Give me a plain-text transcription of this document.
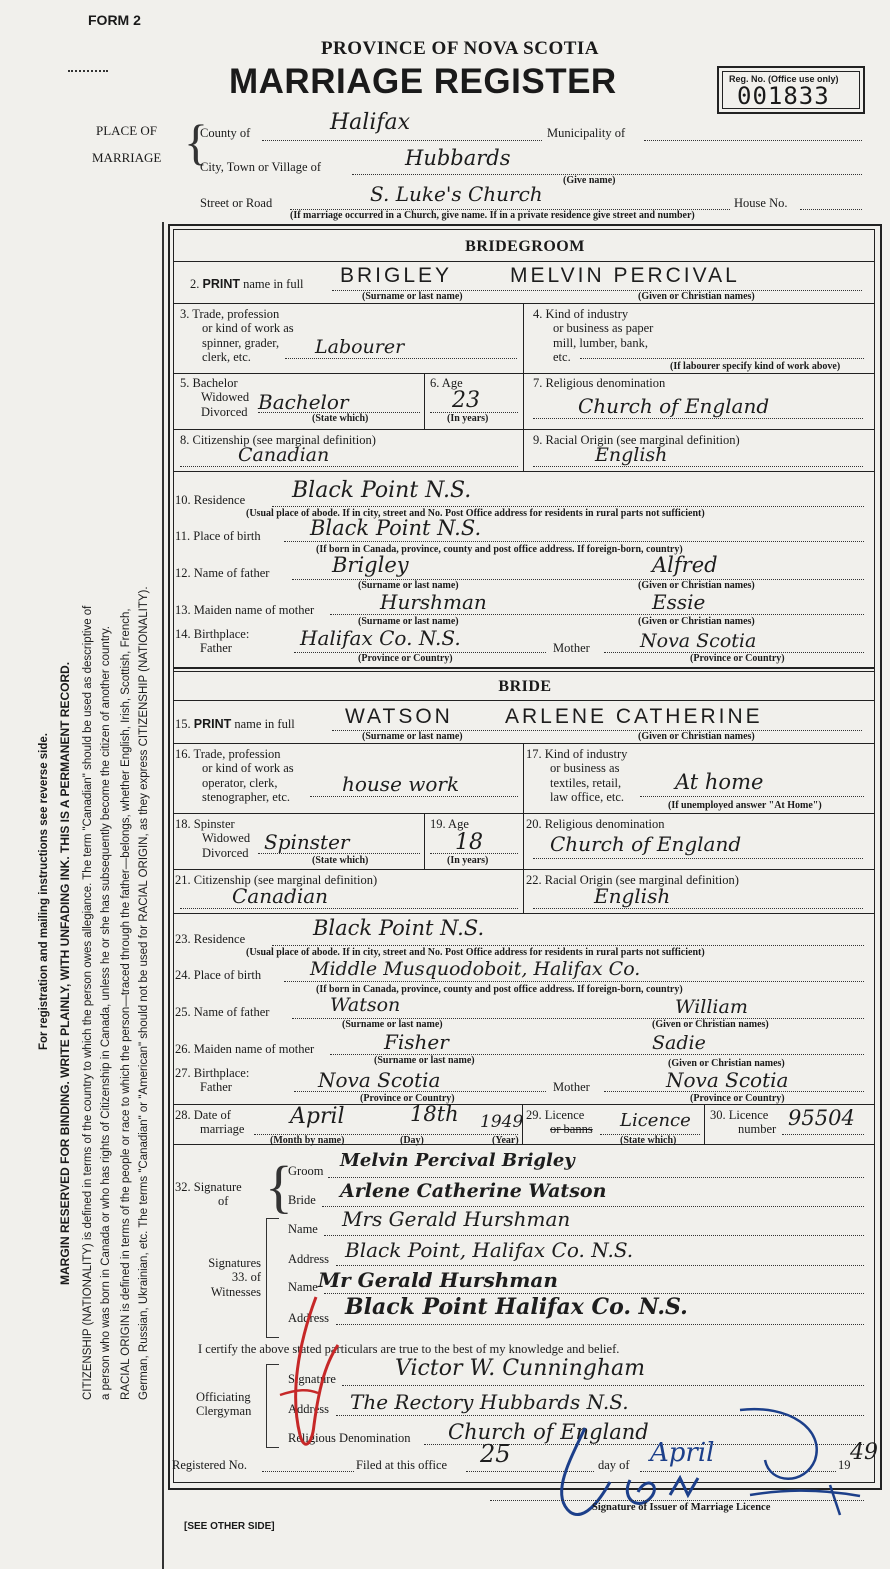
FORM 2
PROVINCE OF NOVA SCOTIA
MARRIAGE REGISTER	Reg. No. (Office use only)
001833
For registration and mailing instructions see reverse side. MARGIN RESERVED FOR BINDING. WRITE PLAINLY, WITH UNFADING INK. THIS IS A PERMANENT RECORD. CITIZENSHIP (NATIONALITY) is defined in terms of the country to which the person owes allegiance. The term "Canadian" should be used as descriptive of a person who was born in Canada or who has rights of Citizenship in Canada, unless he or she has subsequently become the citizen of another country. RACIAL ORIGIN is defined in terms of the people or race to which the person—traced through the father—belongs, whether English, Irish, Scottish, French, German, Russian, Ukrainian, etc. The terms "Canadian" or "American" should not be used for RACIAL ORIGIN, as they express CITIZENSHIP (NATIONALITY).
PLACE OF
MARRIAGE {
County of	Halifax	Municipality of
City, Town or Village of	Hubbards
(Give name)
Street or Road	S. Luke's Church	House No.
(If marriage occurred in a Church, give name. If in a private residence give street and number)
BRIDEGROOM
2. PRINT name in full BRIGLEY	MELVIN PERCIVAL
(Surname or last name)	(Given or Christian names)
3. Trade, profession
or kind of work as
spinner, grader,
clerk, etc.	Labourer
4. Kind of industry
or business as paper
mill, lumber, bank,
etc.
(If labourer specify kind of work above)
5. Bachelor
Widowed
Divorced Bachelor
(State which)
6. Age
23
(In years)
7. Religious denomination
Church of England
8. Citizenship (see marginal definition)
Canadian
9. Racial Origin (see marginal definition)
English
10. Residence Black Point N.S.
(Usual place of abode. If in city, street and No. Post Office address for residents in rural parts not sufficient)
11. Place of birth Black Point N.S.
(If born in Canada, province, county and post office address. If foreign-born, country)
12. Name of father	Brigley	Alfred
(Surname or last name)	(Given or Christian names)
13. Maiden name of mother	Hurshman	Essie
(Surname or last name)	(Given or Christian names)
14. Birthplace:
Father	Halifax Co. N.S.	Mother	Nova Scotia
(Province or Country)	(Province or Country)
BRIDE
15. PRINT name in full WATSON ARLENE CATHERINE
(Surname or last name)	(Given or Christian names)
16. Trade, profession
or kind of work as
operator, clerk,
stenographer, etc.
house work
17. Kind of industry
or business as
textiles, retail,
law office, etc.
At home
(If unemployed answer "At Home")
18. Spinster
Widowed
Divorced Spinster
(State which)
19. Age
18
(In years)
20. Religious denomination
Church of England
21. Citizenship (see marginal definition)
Canadian
22. Racial Origin (see marginal definition)
English
23. Residence	Black Point N.S.
(Usual place of abode. If in city, street and No. Post Office address for residents in rural parts not sufficient)
24. Place of birth	Middle Musquodoboit, Halifax Co.
(If born in Canada, province, county and post office address. If foreign-born, country)
25. Name of father	Watson	William
(Surname or last name)	(Given or Christian names)
26. Maiden name of mother	Fisher	Sadie
(Surname or last name)	(Given or Christian names)
27. Birthplace:
Father	Nova Scotia	Mother	Nova Scotia
(Province or Country)	(Province or Country)
28. Date of
marriage
April	18th 1949
(Month by name)	(Day)	(Year)
29. Licence
or banns Licence
(State which)
30. Licence
number 95504
32. Signature
of {
Groom Melvin Percival Brigley
Bride Arlene Catherine Watson
Signatures
33. of
Witnesses
Name Mrs Gerald Hurshman
Address Black Point, Halifax Co. N.S.
Name Mr Gerald Hurshman
Address Black Point Halifax Co. N.S.
I certify the above stated particulars are true to the best of my knowledge and belief.
Officiating
Clergyman
Signature	Victor W. Cunningham
Address The Rectory Hubbards N.S.
Religious Denomination Church of England
Registered No.	Filed at this office 25	day of April	19 49
Signature of Issuer of Marriage Licence
[SEE OTHER SIDE]
